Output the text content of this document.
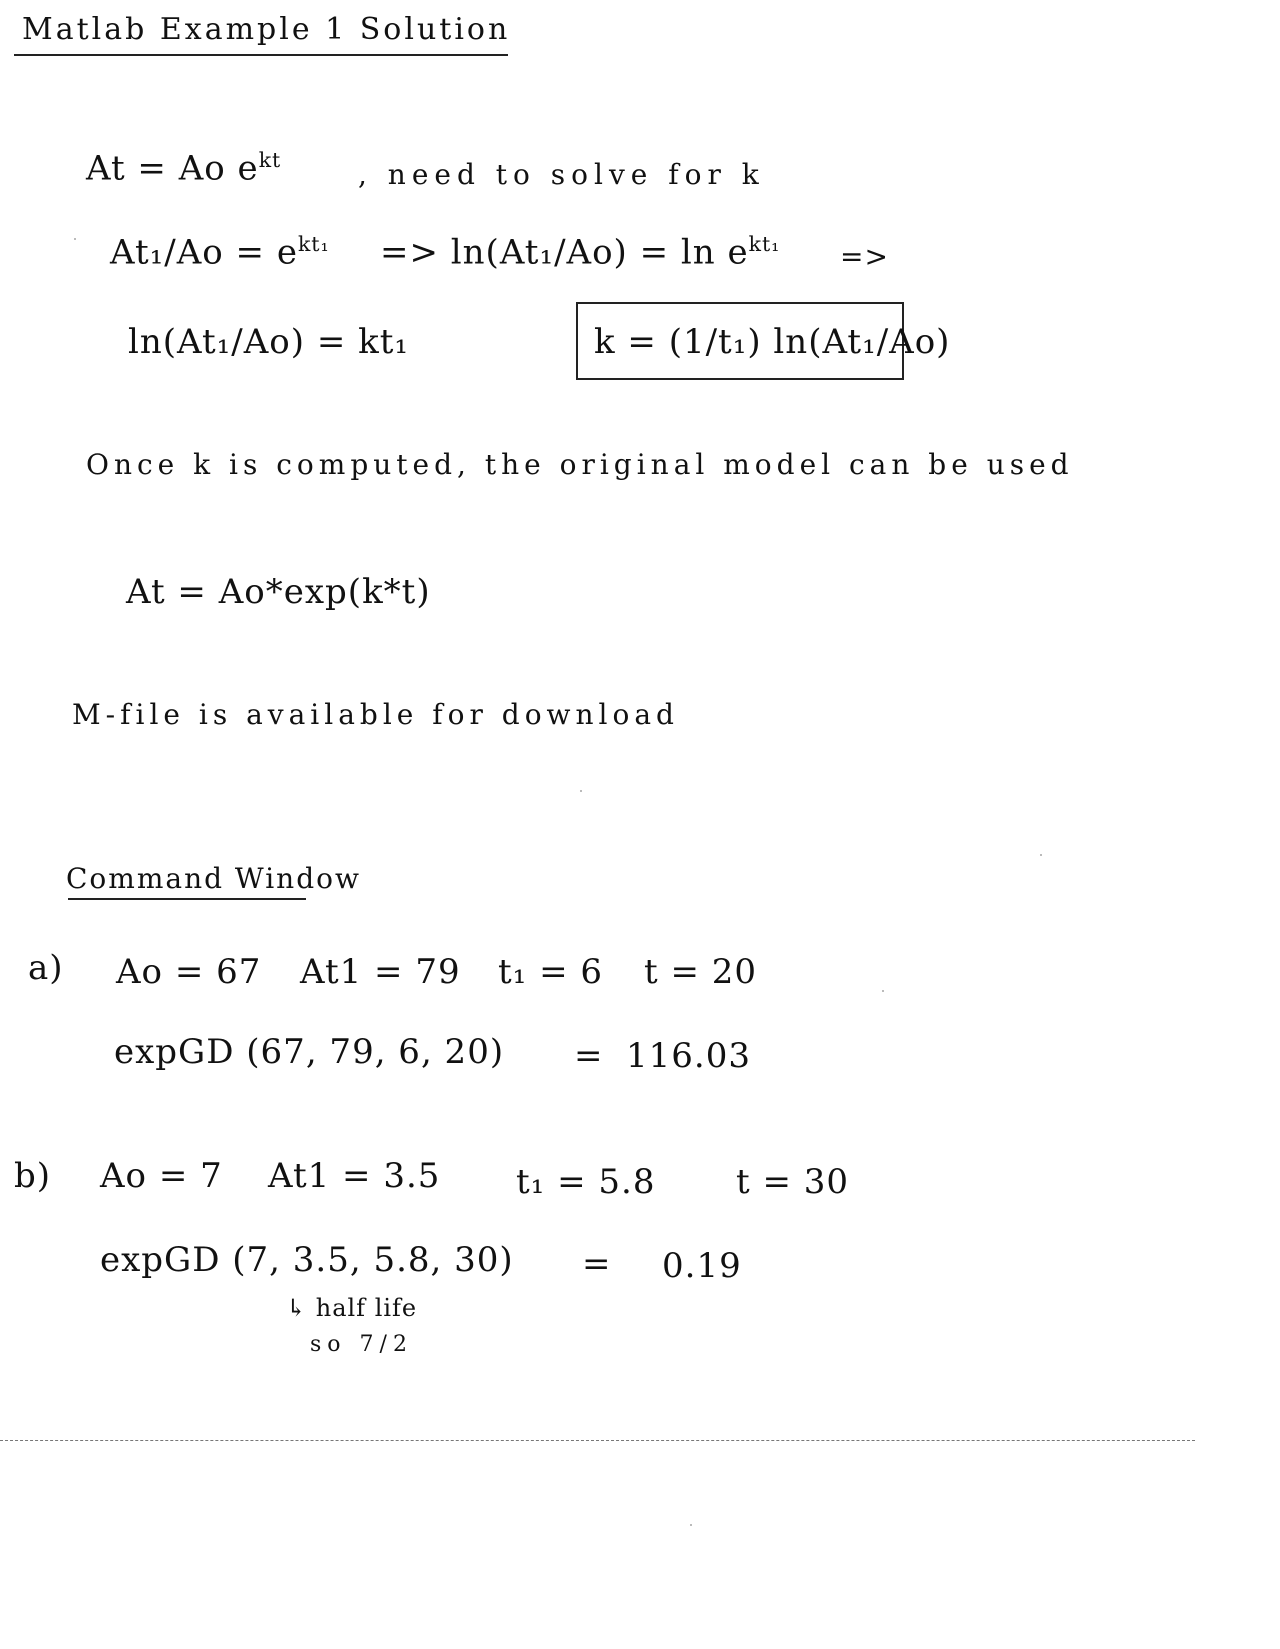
Matlab Example 1 Solution
At = Ao $e^{kt}$	, need to solve for k
$At_1/Ao = e^{kt_1} => \ln(At_1/Ao) = \ln e^{kt_1}$ =>
ln(At₁/Ao) = kt₁	k = (1/t₁) ln(At₁/Ao)
Once k is computed, the original model can be used
At = Ao*exp(k*t)
M-file is available for download
Command Window
a) Ao = 67 At1 = 79 t₁ = 6 t = 20
expGD (67, 79, 6, 20) = 116.03
b) Ao = 7 At1 = 3.5 t₁ = 5.8 t = 30
expGD (7, 3.5, 5.8, 30) = 0.19
↳ half life
so 7/2
